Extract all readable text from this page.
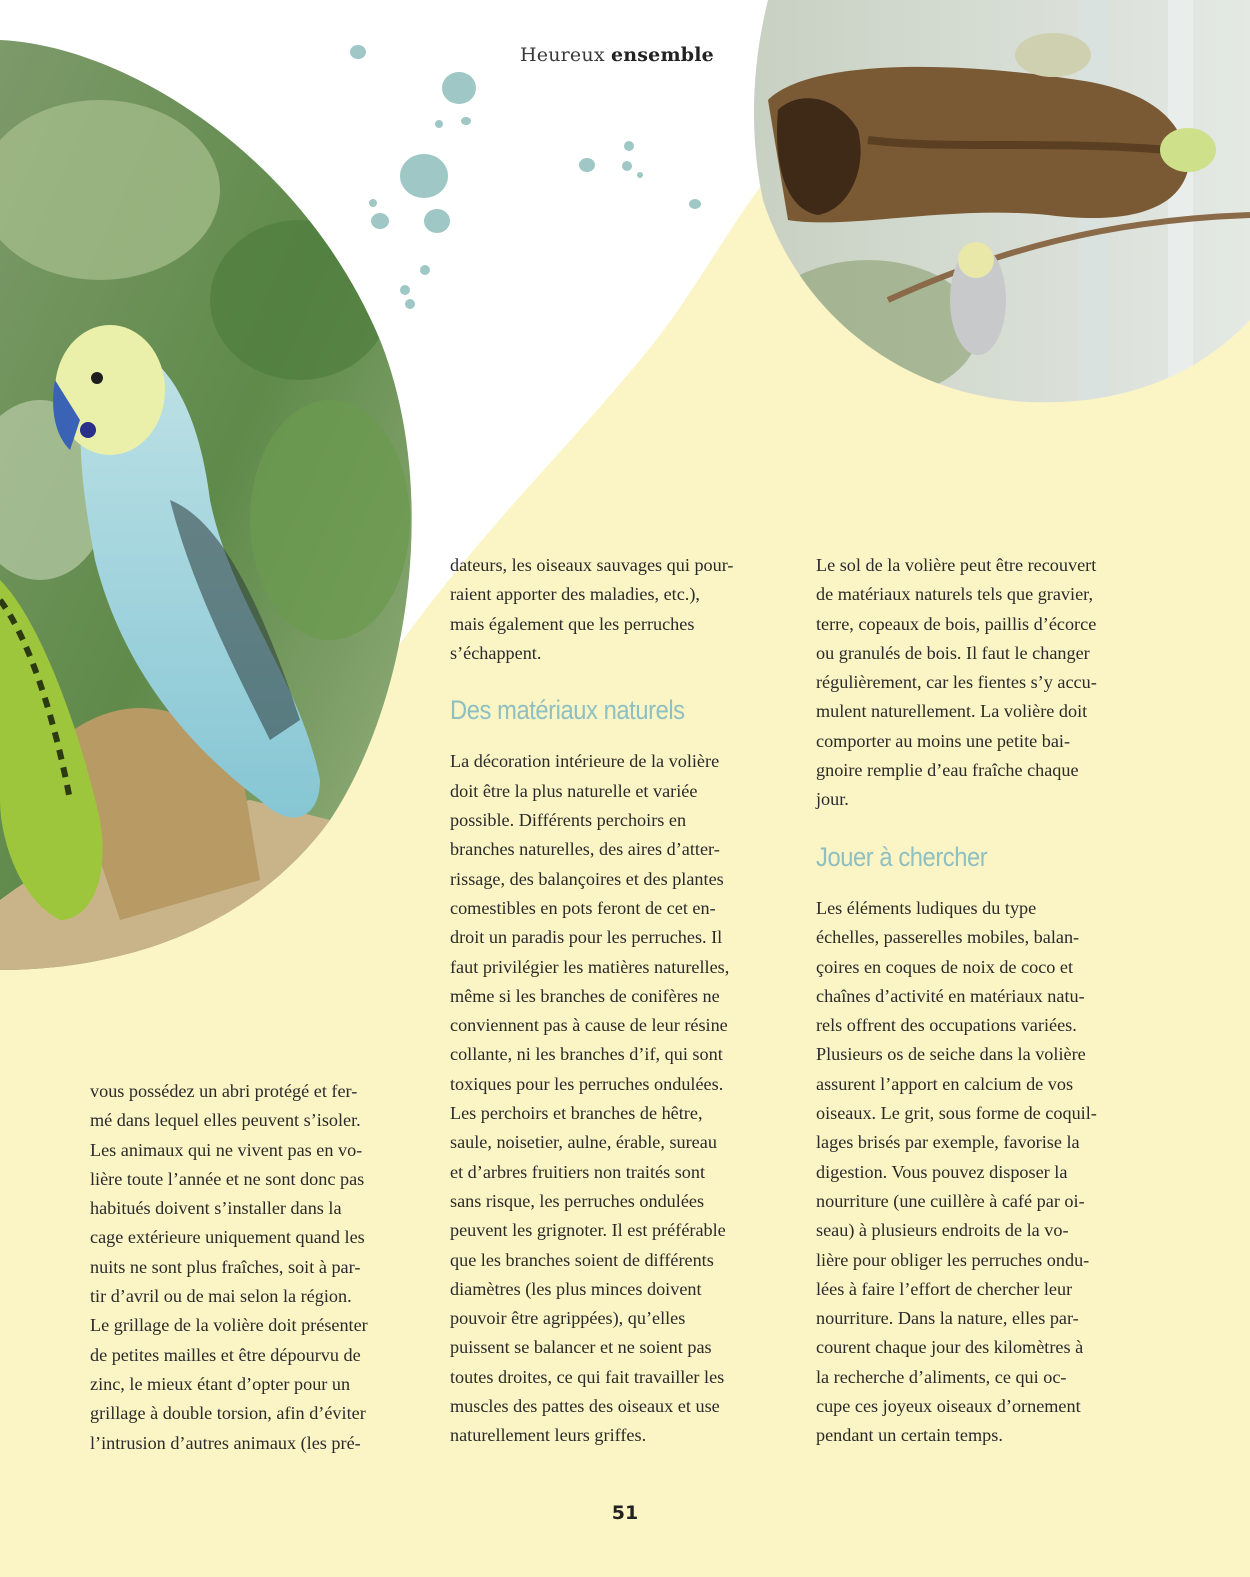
Heureux ensemble

vous possédez un abri protégé et fer-
mé dans lequel elles peuvent s’isoler.
Les animaux qui ne vivent pas en vo-
lière toute l’année et ne sont donc pas
habitués doivent s’installer dans la
cage extérieure uniquement quand les
nuits ne sont plus fraîches, soit à par-
tir d’avril ou de mai selon la région.
Le grillage de la volière doit présenter
de petites mailles et être dépourvu de
zinc, le mieux étant d’opter pour un
grillage à double torsion, afin d’éviter
l’intrusion d’autres animaux (les pré-

dateurs, les oiseaux sauvages qui pour-
raient apporter des maladies, etc.),
mais également que les perruches
s’échappent.

Des matériaux naturels

La décoration intérieure de la volière
doit être la plus naturelle et variée
possible. Différents perchoirs en
branches naturelles, des aires d’atter-
rissage, des balançoires et des plantes
comestibles en pots feront de cet en-
droit un paradis pour les perruches. Il
faut privilégier les matières naturelles,
même si les branches de conifères ne
conviennent pas à cause de leur résine
collante, ni les branches d’if, qui sont
toxiques pour les perruches ondulées.
Les perchoirs et branches de hêtre,
saule, noisetier, aulne, érable, sureau
et d’arbres fruitiers non traités sont
sans risque, les perruches ondulées
peuvent les grignoter. Il est préférable
que les branches soient de différents
diamètres (les plus minces doivent
pouvoir être agrippées), qu’elles
puissent se balancer et ne soient pas
toutes droites, ce qui fait travailler les
muscles des pattes des oiseaux et use
naturellement leurs griffes.

Le sol de la volière peut être recouvert
de matériaux naturels tels que gravier,
terre, copeaux de bois, paillis d’écorce
ou granulés de bois. Il faut le changer
régulièrement, car les fientes s’y accu-
mulent naturellement. La volière doit
comporter au moins une petite bai-
gnoire remplie d’eau fraîche chaque
jour.

Jouer à chercher

Les éléments ludiques du type
échelles, passerelles mobiles, balan-
çoires en coques de noix de coco et
chaînes d’activité en matériaux natu-
rels offrent des occupations variées.
Plusieurs os de seiche dans la volière
assurent l’apport en calcium de vos
oiseaux. Le grit, sous forme de coquil-
lages brisés par exemple, favorise la
digestion. Vous pouvez disposer la
nourriture (une cuillère à café par oi-
seau) à plusieurs endroits de la vo-
lière pour obliger les perruches ondu-
lées à faire l’effort de chercher leur
nourriture. Dans la nature, elles par-
courent chaque jour des kilomètres à
la recherche d’aliments, ce qui oc-
cupe ces joyeux oiseaux d’ornement
pendant un certain temps.

51
